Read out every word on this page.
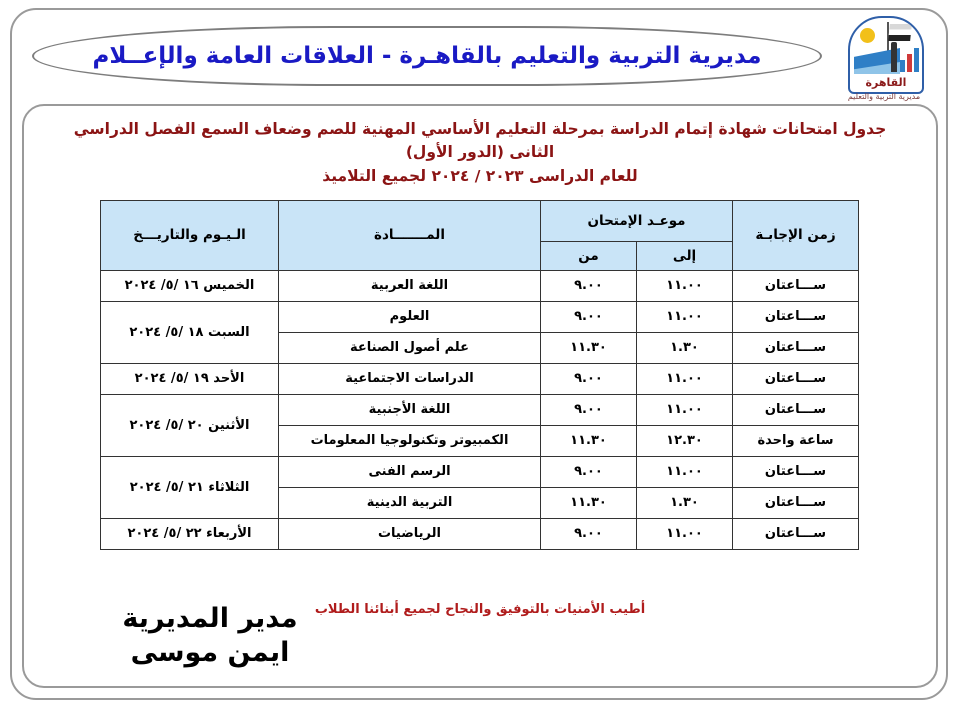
القاهرة
مديرية التربية والتعليم
مديرية التربية والتعليم بالقاهـرة - العلاقات العامة والإعــلام
جدول امتحانات شهادة إتمام الدراسة بمرحلة التعليم الأساسي المهنية للصم وضعاف السمع الفصل الدراسي الثانى (الدور الأول)
للعام الدراسى ٢٠٢٣ / ٢٠٢٤ لجميع التلاميذ
زمن الإجابـة	موعـد الإمتحان		المـــــــادة	الـيـوم والتاريـــخ
	إلى	من		
ســـاعتان	١١.٠٠	٩.٠٠	اللغة العربية	الخميس ١٦ /٥/ ٢٠٢٤
ســـاعتان	١١.٠٠	٩.٠٠	العلوم	السبت ١٨ /٥/ ٢٠٢٤
ســـاعتان	١.٣٠	١١.٣٠	علم أصول الصناعة	
ســـاعتان	١١.٠٠	٩.٠٠	الدراسات الاجتماعية	الأحد ١٩ /٥/ ٢٠٢٤
ســـاعتان	١١.٠٠	٩.٠٠	اللغة الأجنبية	الأثنين ٢٠ /٥/ ٢٠٢٤
ساعة واحدة	١٢.٣٠	١١.٣٠	الكمبيوتر وتكنولوجيا المعلومات	
ســـاعتان	١١.٠٠	٩.٠٠	الرسم الفنى	الثلاثاء ٢١ /٥/ ٢٠٢٤
ســـاعتان	١.٣٠	١١.٣٠	التربية الدينية	
ســـاعتان	١١.٠٠	٩.٠٠	الرياضيات	الأربعاء ٢٢ /٥/ ٢٠٢٤
أطيب الأمنيات بالتوفيق والنجاح لجميع أبنائنا الطلاب
مدير المديرية
ايمن موسى
